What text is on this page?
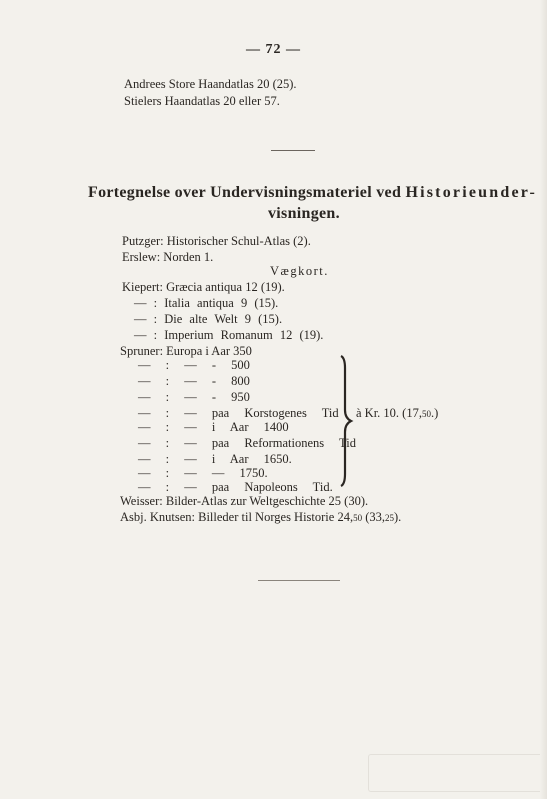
— 72 —
Andrees Store Haandatlas 20 (25).
Stielers Haandatlas 20 eller 57.
Fortegnelse over Undervisningsmateriel ved Historieunder-
visningen.
Putzger: Historischer Schul-Atlas (2).
Erslew: Norden 1.
Vægkort.
Kiepert: Græcia antiqua 12 (19).
— : Italia antiqua 9 (15).
— : Die alte Welt 9 (15).
— : Imperium Romanum 12 (19).
Spruner: Europa i Aar 350
— : — - 500
— : — - 800
— : — - 950
— : — paa Korstogenes Tid
— : — i Aar 1400
— : — paa Reformationens Tid
— : — i Aar 1650.
— : — — 1750.
— : — paa Napoleons Tid.
à Kr. 10. (17,50.)
Weisser: Bilder-Atlas zur Weltgeschichte 25 (30).
Asbj. Knutsen: Billeder til Norges Historie 24,50 (33,25).
